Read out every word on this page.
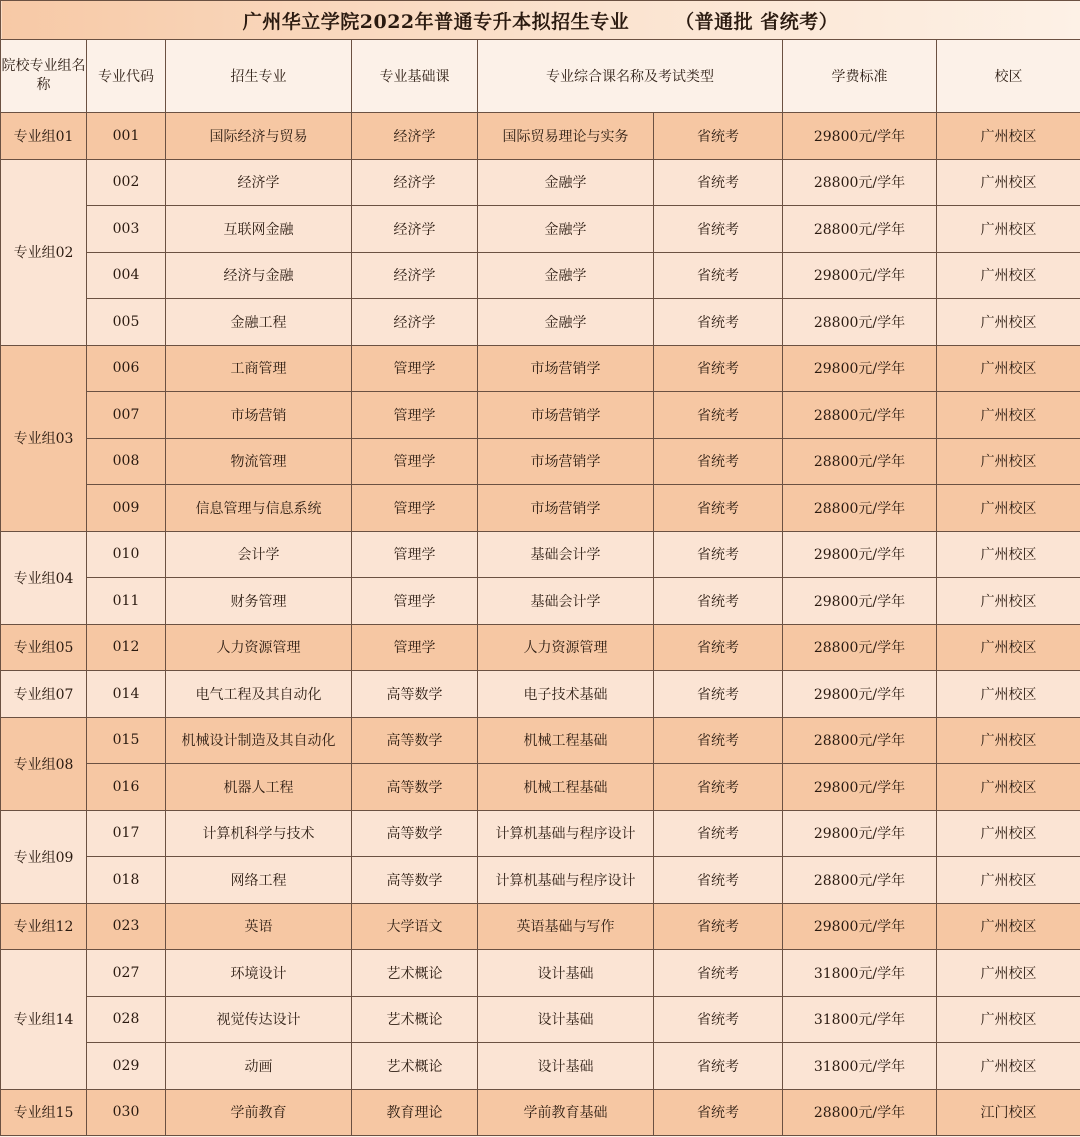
广州华立学院2022年普通专升本拟招生专业 （普通批 省统考）							
院校专业组名称	专业代码	招生专业	专业基础课	专业综合课名称及考试类型		学费标准	校区
专业组01	001	国际经济与贸易	经济学	国际贸易理论与实务	省统考	29800元/学年	广州校区
专业组02	002	经济学	经济学	金融学	省统考	28800元/学年	广州校区
	003	互联网金融	经济学	金融学	省统考	28800元/学年	广州校区
	004	经济与金融	经济学	金融学	省统考	29800元/学年	广州校区
	005	金融工程	经济学	金融学	省统考	28800元/学年	广州校区
专业组03	006	工商管理	管理学	市场营销学	省统考	29800元/学年	广州校区
	007	市场营销	管理学	市场营销学	省统考	28800元/学年	广州校区
	008	物流管理	管理学	市场营销学	省统考	28800元/学年	广州校区
	009	信息管理与信息系统	管理学	市场营销学	省统考	28800元/学年	广州校区
专业组04	010	会计学	管理学	基础会计学	省统考	29800元/学年	广州校区
	011	财务管理	管理学	基础会计学	省统考	29800元/学年	广州校区
专业组05	012	人力资源管理	管理学	人力资源管理	省统考	28800元/学年	广州校区
专业组07	014	电气工程及其自动化	高等数学	电子技术基础	省统考	29800元/学年	广州校区
专业组08	015	机械设计制造及其自动化	高等数学	机械工程基础	省统考	28800元/学年	广州校区
	016	机器人工程	高等数学	机械工程基础	省统考	29800元/学年	广州校区
专业组09	017	计算机科学与技术	高等数学	计算机基础与程序设计	省统考	29800元/学年	广州校区
	018	网络工程	高等数学	计算机基础与程序设计	省统考	28800元/学年	广州校区
专业组12	023	英语	大学语文	英语基础与写作	省统考	29800元/学年	广州校区
专业组14	027	环境设计	艺术概论	设计基础	省统考	31800元/学年	广州校区
	028	视觉传达设计	艺术概论	设计基础	省统考	31800元/学年	广州校区
	029	动画	艺术概论	设计基础	省统考	31800元/学年	广州校区
专业组15	030	学前教育	教育理论	学前教育基础	省统考	28800元/学年	江门校区
